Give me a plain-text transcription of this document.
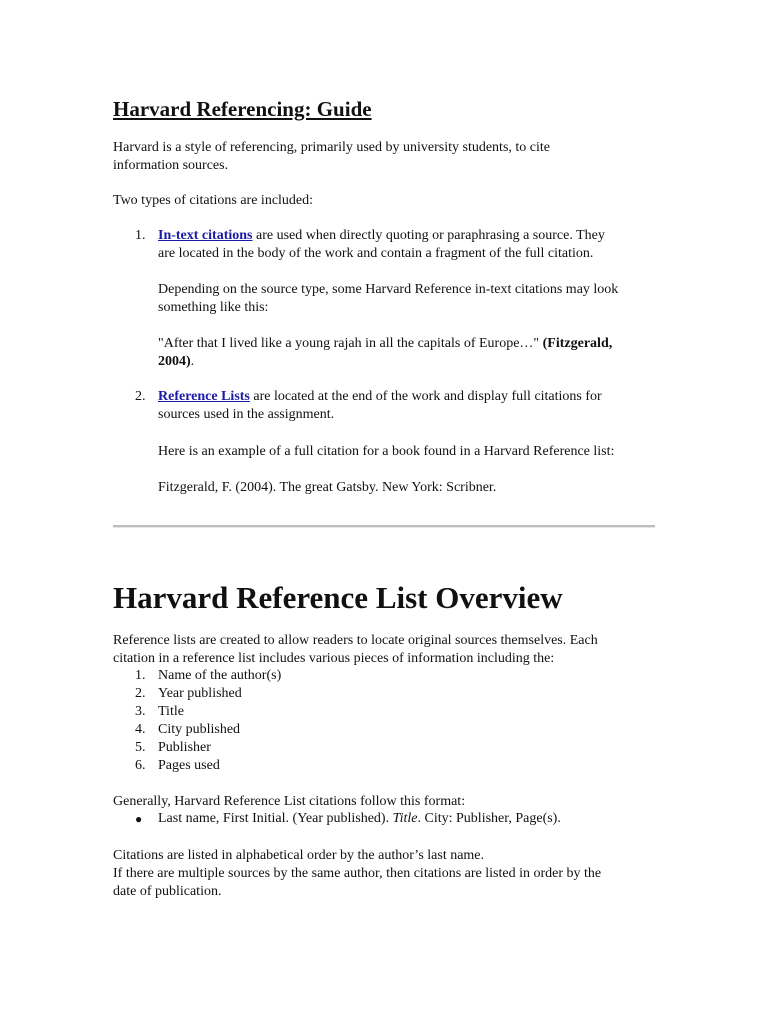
Harvard Referencing: Guide

Harvard is a style of referencing, primarily used by university students, to cite
information sources.

Two types of citations are included:

1. In-text citations are used when directly quoting or paraphrasing a source. They
are located in the body of the work and contain a fragment of the full citation.
Depending on the source type, some Harvard Reference in-text citations may look
something like this:
"After that I lived like a young rajah in all the capitals of Europe…" (Fitzgerald,
2004).
2. Reference Lists are located at the end of the work and display full citations for
sources used in the assignment.
Here is an example of a full citation for a book found in a Harvard Reference list:
Fitzgerald, F. (2004). The great Gatsby. New York: Scribner.
Harvard Reference List Overview

Reference lists are created to allow readers to locate original sources themselves. Each
citation in a reference list includes various pieces of information including the:

1. Name of the author(s)
2. Year published
3. Title
4. City published
5. Publisher
6. Pages used

Generally, Harvard Reference List citations follow this format:

● Last name, First Initial. (Year published). Title. City: Publisher, Page(s).

Citations are listed in alphabetical order by the author’s last name.
If there are multiple sources by the same author, then citations are listed in order by the
date of publication.
